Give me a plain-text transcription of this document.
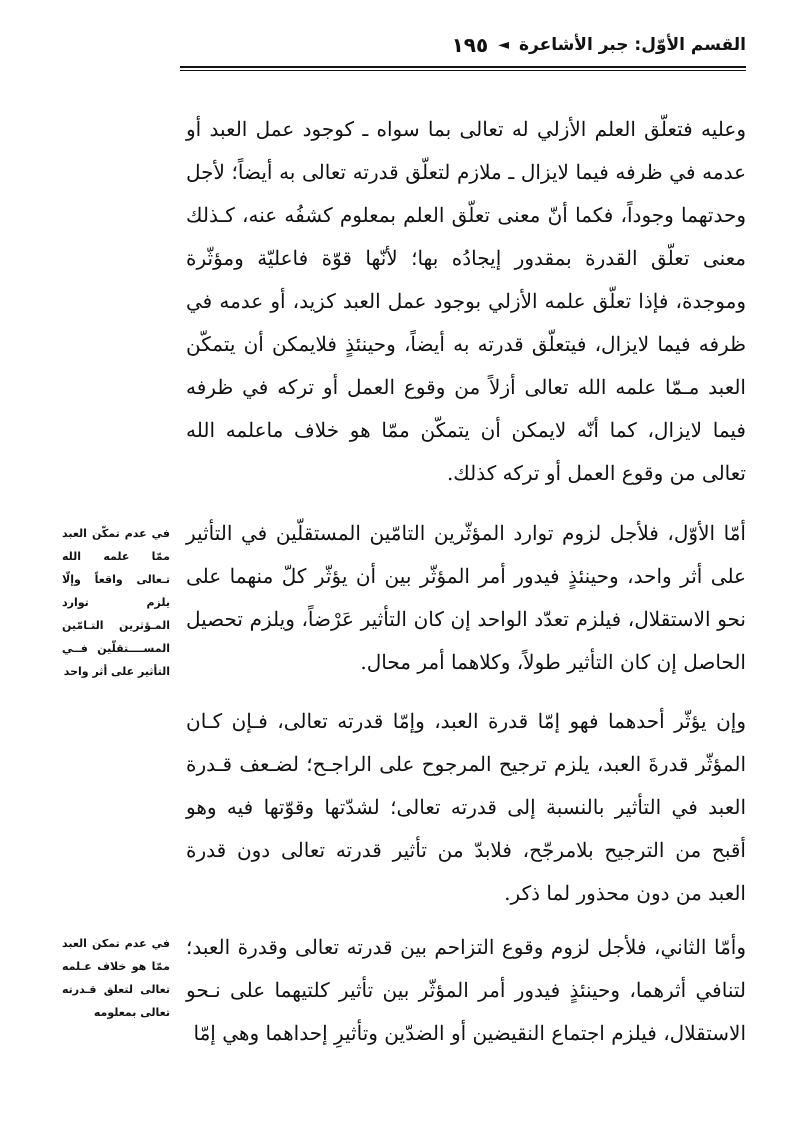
القسم الأوّل: جبر الأشاعرة
◄
١٩٥

وعليه فتعلّق العلم الأزلي له تعالى بما سواه ـ كوجود عمل العبد أو عدمه في ظرفه فيما لايزال ـ ملازم لتعلّق قدرته تعالى به أيضاً؛ لأجل وحدتهما وجوداً، فكما أنّ معنى تعلّق العلم بمعلوم كشفُه عنه، كـذلك معنى تعلّق القدرة بمقدور إيجادُه بها؛ لأنّها قوّة فاعليّة ومؤثّرة وموجدة، فإذا تعلّق علمه الأزلي بوجود عمل العبد كزيد، أو عدمه في ظرفه فيما لايزال، فيتعلّق قدرته به أيضاً، وحينئذٍ فلايمكن أن يتمكّن العبد مـمّا علمه الله تعالى أزلاً من وقوع العمل أو تركه في ظرفه فيما لايزال، كما أنّه لايمكن أن يتمكّن ممّا هو خلاف ماعلمه الله تعالى من وقوع العمل أو تركه كذلك.

أمّا الأوّل، فلأجل لزوم توارد المؤثّرين التامّين المستقلّين في التأثير على أثر واحد، وحينئذٍ فيدور أمر المؤثّر بين أن يؤثّر كلّ منهما على نحو الاستقلال، فيلزم تعدّد الواحد إن كان التأثير عَرْضاً، ويلزم تحصيل الحاصل إن كان التأثير طولاً، وكلاهما أمر محال.

وإن يؤثّر أحدهما فهو إمّا قدرة العبد، وإمّا قدرته تعالى، فـإن كـان المؤثّر قدرةَ العبد، يلزم ترجيح المرجوح على الراجـح؛ لضـعف قـدرة العبد في التأثير بالنسبة إلى قدرته تعالى؛ لشدّتها وقوّتها فيه وهو أقبح من الترجيح بلامرجّح، فلابدّ من تأثير قدرته تعالى دون قدرة العبد من دون محذور لما ذكر.

وأمّا الثاني، فلأجل لزوم وقوع التزاحم بين قدرته تعالى وقدرة العبد؛ لتنافي أثرهما، وحينئذٍ فيدور أمر المؤثّر بين تأثير كلتيهما على نـحو الاستقلال، فيلزم اجتماع النقيضين أو الضدّين وتأثيرِ إحداهما وهي إمّا

في عدم تمكّن العبد ممّا علمه الله تـعالى واقعاً وإلّا يلزم توارد المـؤثرين التـامّين المســــتقلّين فــي التأثير على أثر واحد

في عدم تمكن العبد ممّا هو خلاف عـلمه تعالى لتعلق قـدرته تعالى بمعلومه
